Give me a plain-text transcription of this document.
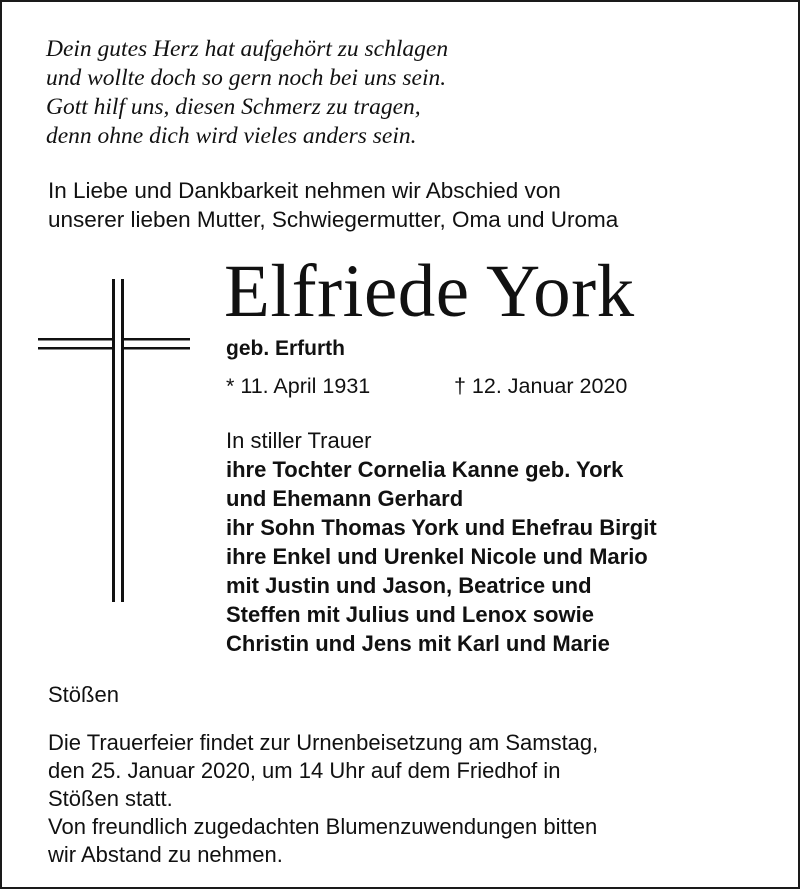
Dein gutes Herz hat aufgehört zu schlagen
und wollte doch so gern noch bei uns sein.
Gott hilf uns, diesen Schmerz zu tragen,
denn ohne dich wird vieles anders sein.
In Liebe und Dankbarkeit nehmen wir Abschied von
unserer lieben Mutter, Schwiegermutter, Oma und Uroma
Elfriede York
geb. Erfurth
* 11. April 1931	† 12. Januar 2020
In stiller Trauer
ihre Tochter Cornelia Kanne geb. York
und Ehemann Gerhard
ihr Sohn Thomas York und Ehefrau Birgit
ihre Enkel und Urenkel Nicole und Mario
mit Justin und Jason, Beatrice und
Steffen mit Julius und Lenox sowie
Christin und Jens mit Karl und Marie
Stößen
Die Trauerfeier findet zur Urnenbeisetzung am Samstag,
den 25. Januar 2020, um 14 Uhr auf dem Friedhof in
Stößen statt.
Von freundlich zugedachten Blumenzuwendungen bitten
wir Abstand zu nehmen.
